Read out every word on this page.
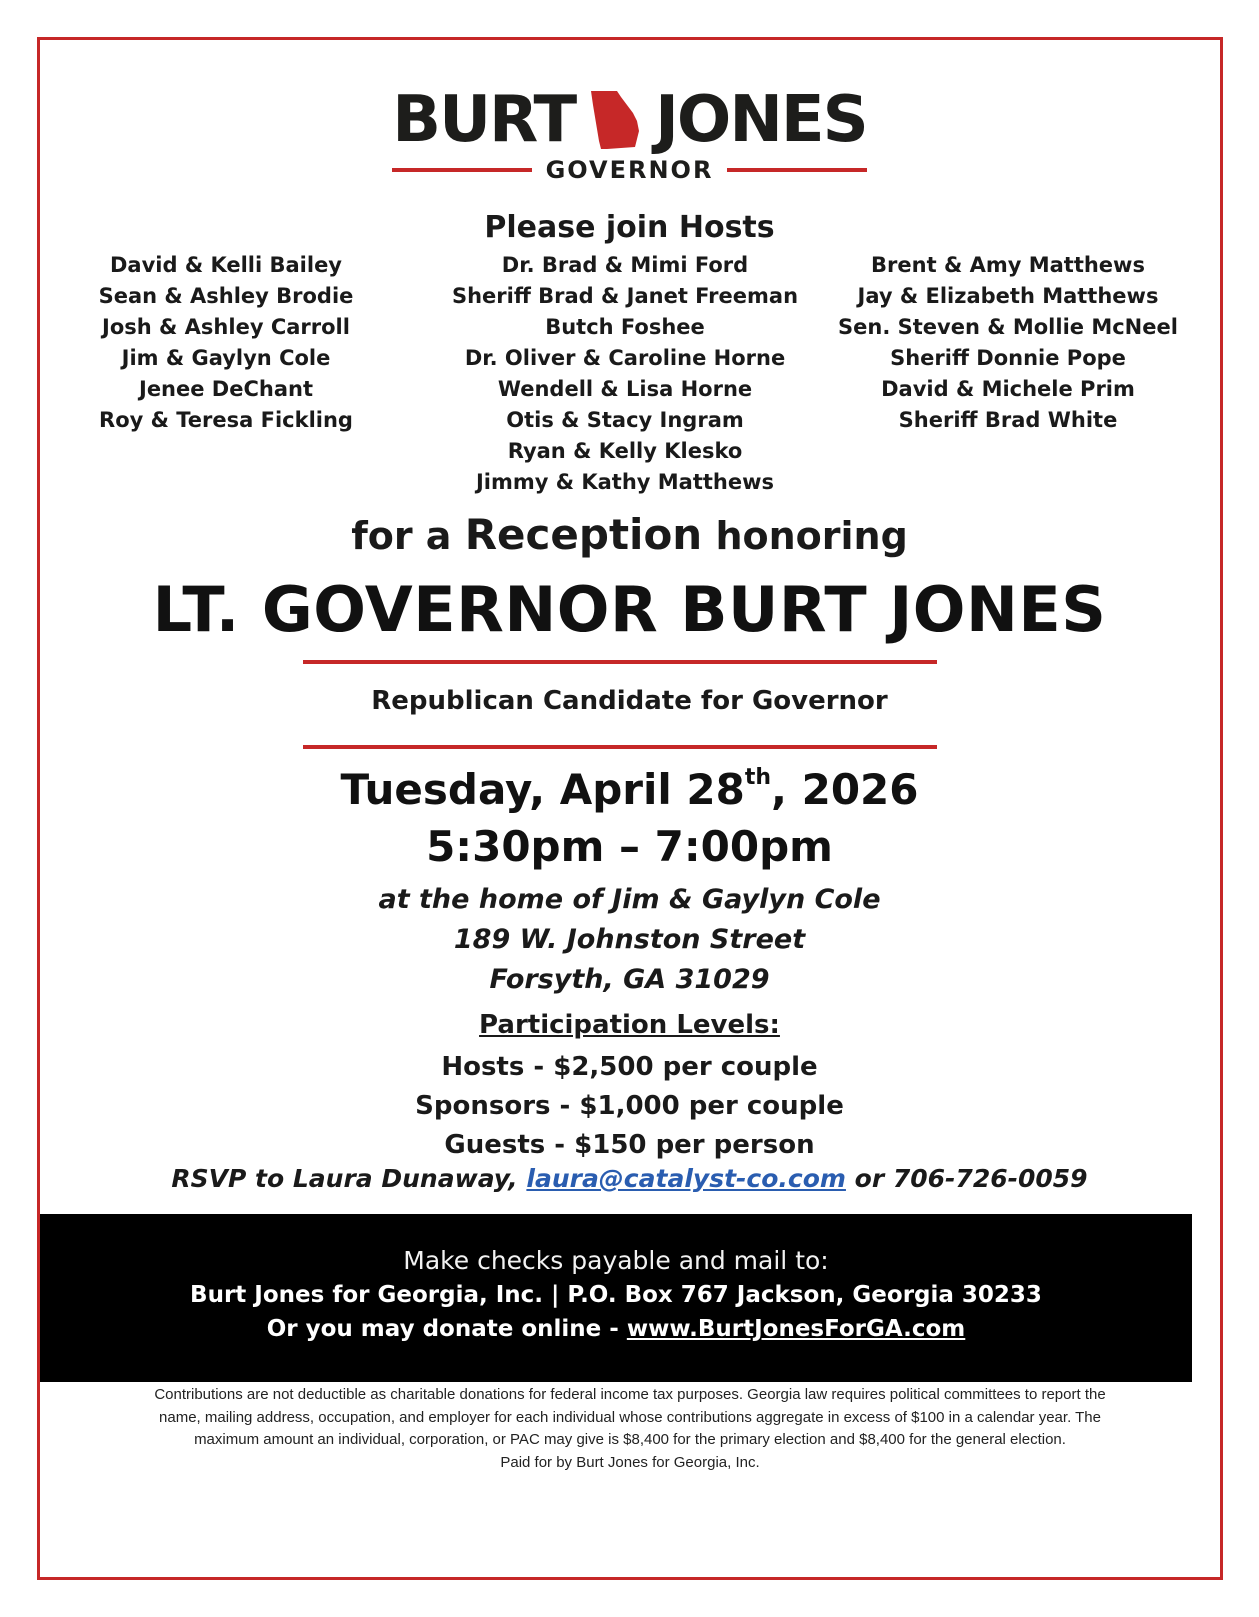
BURT JONES
GOVERNOR
Please join Hosts
David & Kelli Bailey
Sean & Ashley Brodie
Josh & Ashley Carroll
Jim & Gaylyn Cole
Jenee DeChant
Roy & Teresa Fickling
Dr. Brad & Mimi Ford
Sheriff Brad & Janet Freeman
Butch Foshee
Dr. Oliver & Caroline Horne
Wendell & Lisa Horne
Otis & Stacy Ingram
Ryan & Kelly Klesko
Jimmy & Kathy Matthews
Brent & Amy Matthews
Jay & Elizabeth Matthews
Sen. Steven & Mollie McNeel
Sheriff Donnie Pope
David & Michele Prim
Sheriff Brad White
for a Reception honoring
LT. GOVERNOR BURT JONES
Republican Candidate for Governor
Tuesday, April 28th, 2026
5:30pm – 7:00pm
at the home of Jim & Gaylyn Cole
189 W. Johnston Street
Forsyth, GA 31029
Participation Levels:
Hosts - $2,500 per couple
Sponsors - $1,000 per couple
Guests - $150 per person
RSVP to Laura Dunaway, laura@catalyst-co.com or 706-726-0059
Make checks payable and mail to:
Burt Jones for Georgia, Inc. | P.O. Box 767 Jackson, Georgia 30233
Or you may donate online - www.BurtJonesForGA.com
Contributions are not deductible as charitable donations for federal income tax purposes. Georgia law requires political committees to report the name, mailing address, occupation, and employer for each individual whose contributions aggregate in excess of $100 in a calendar year. The maximum amount an individual, corporation, or PAC may give is $8,400 for the primary election and $8,400 for the general election.
Paid for by Burt Jones for Georgia, Inc.
